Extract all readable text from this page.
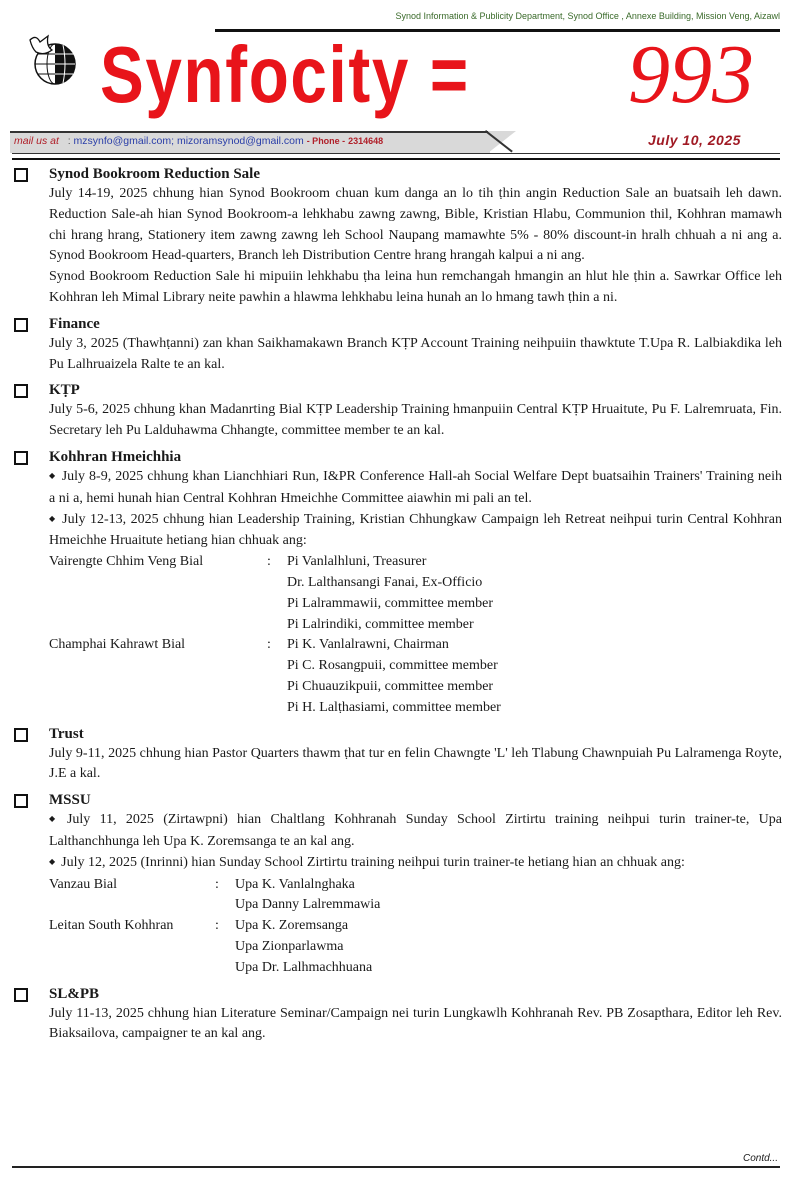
Synod Information & Publicity Department, Synod Office , Annexe Building, Mission Veng, Aizawl
Synfocity = 993
mail us at : mzsynfo@gmail.com; mizoramsynod@gmail.com - Phone - 2314648	July 10, 2025
Synod Bookroom Reduction Sale
July 14-19, 2025 chhung hian Synod Bookroom chuan kum danga an lo tih ṭhin angin Reduction Sale an buatsaih leh dawn. Reduction Sale-ah hian Synod Bookroom-a lehkhabu zawng zawng, Bible, Kristian Hlabu, Communion thil, Kohhran mamawh chi hrang hrang, Stationery item zawng zawng leh School Naupang mamawhte 5% - 80% discount-in hralh chhuah a ni ang a. Synod Bookroom Head-quarters, Branch leh Distribution Centre hrang hrangah kalpui a ni ang.
Synod Bookroom Reduction Sale hi mipuiin lehkhabu ṭha leina hun remchangah hmangin an hlut hle ṭhin a. Sawrkar Office leh Kohhran leh Mimal Library neite pawhin a hlawma lehkhabu leina hunah an lo hmang tawh ṭhin a ni.
Finance
July 3, 2025 (Thawhṭanni) zan khan Saikhamakawn Branch KṬP Account Training neihpuiin thawktute T.Upa R. Lalbiakdika leh Pu Lalhruaizela Ralte te an kal.
KṬP
July 5-6, 2025 chhung khan Madanrting Bial KṬP Leadership Training hmanpuiin Central KṬP Hruaitute, Pu F. Lalremruata, Fin. Secretary leh Pu Lalduhawma Chhangte, committee member te an kal.
Kohhran Hmeichhia
◆ July 8-9, 2025 chhung khan Lianchhiari Run, I&PR Conference Hall-ah Social Welfare Dept buatsaihin Trainers' Training neih a ni a, hemi hunah hian Central Kohhran Hmeichhe Committee aiawhin mi pali an tel.
◆ July 12-13, 2025 chhung hian Leadership Training, Kristian Chhungkaw Campaign leh Retreat neihpui turin Central Kohhran Hmeichhe Hruaitute hetiang hian chhuak ang:
Vairengte Chhim Veng Bial	:	Pi Vanlalhluni, Treasurer
Dr. Lalthansangi Fanai, Ex-Officio
Pi Lalrammawii, committee member
Pi Lalrindiki, committee member
Champhai Kahrawt Bial	:	Pi K. Vanlalrawni, Chairman
Pi C. Rosangpuii, committee member
Pi Chuauzikpuii, committee member
Pi H. Lalṭhasiami, committee member
Trust
July 9-11, 2025 chhung hian Pastor Quarters thawm ṭhat tur en felin Chawngte 'L' leh Tlabung Chawnpuiah Pu Lalramenga Royte, J.E a kal.
MSSU
◆ July 11, 2025 (Zirtawpni) hian Chaltlang Kohhranah Sunday School Zirtirtu training neihpui turin trainer-te, Upa Lalthanchhunga leh Upa K. Zoremsanga te an kal ang.
◆ July 12, 2025 (Inrinni) hian Sunday School Zirtirtu training neihpui turin trainer-te hetiang hian an chhuak ang:
Vanzau Bial	:	Upa K. Vanlalnghaka
Upa Danny Lalremmawia
Leitan South Kohhran	:	Upa K. Zoremsanga
Upa Zionparlawma
Upa Dr. Lalhmachhuana
SL&PB
July 11-13, 2025 chhung hian Literature Seminar/Campaign nei turin Lungkawlh Kohhranah Rev. PB Zosapthara, Editor leh Rev. Biaksailova, campaigner te an kal ang.
Contd...
